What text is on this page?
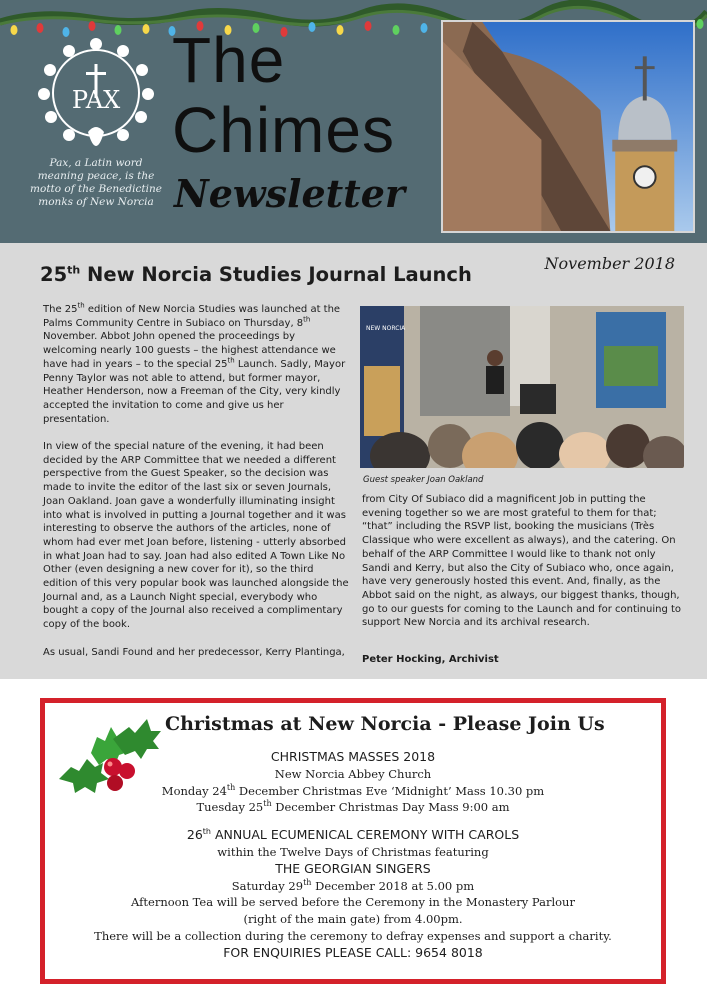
PAX
Pax, a Latin word meaning peace, is the motto of the Benedictine monks of New Norcia
The
Chimes
Newsletter
November 2018
25th New Norcia Studies Journal Launch

The 25th edition of New Norcia Studies was launched at the Palms Community Centre in Subiaco on Thursday, 8th November. Abbot John opened the proceedings by welcoming nearly 100 guests – the highest attendance we have had in years – to the special 25th Launch. Sadly, Mayor Penny Taylor was not able to attend, but former mayor, Heather Henderson, now a Freeman of the City, very kindly accepted the invitation to come and give us her presentation.

In view of the special nature of the evening, it had been decided by the ARP Committee that we needed a different perspective from the Guest Speaker, so the decision was made to invite the editor of the last six or seven Journals, Joan Oakland. Joan gave a wonderfully illuminating insight into what is involved in putting a Journal together and it was interesting to observe the authors of the articles, none of whom had ever met Joan before, listening - utterly absorbed in what Joan had to say. Joan had also edited A Town Like No Other (even designing a new cover for it), so the third edition of this very popular book was launched alongside the Journal and, as a Launch Night special, everybody who bought a copy of the Journal also received a complimentary copy of the book.

As usual, Sandi Found and her predecessor, Kerry Plantinga,

NEW NORCIA
Guest speaker Joan Oakland
from City Of Subiaco did a magnificent Job in putting the evening together so we are most grateful to them for that; “that” including the RSVP list, booking the musicians (Très Classique who were excellent as always), and the catering. On behalf of the ARP Committee I would like to thank not only Sandi and Kerry, but also the City of Subiaco who, once again, have very generously hosted this event. And, finally, as the Abbot said on the night, as always, our biggest thanks, though, go to our guests for coming to the Launch and for continuing to support New Norcia and its archival research.
Peter Hocking, Archivist
Christmas at New Norcia - Please Join Us
CHRISTMAS MASSES 2018
New Norcia Abbey Church
Monday 24th December Christmas Eve ‘Midnight’ Mass 10.30 pm
Tuesday 25th December Christmas Day Mass 9:00 am
26th ANNUAL ECUMENICAL CEREMONY WITH CAROLS
within the Twelve Days of Christmas featuring
THE GEORGIAN SINGERS
Saturday 29th December 2018 at 5.00 pm
Afternoon Tea will be served before the Ceremony in the Monastery Parlour
(right of the main gate) from 4.00pm.
There will be a collection during the ceremony to defray expenses and support a charity.
FOR ENQUIRIES PLEASE CALL: 9654 8018
